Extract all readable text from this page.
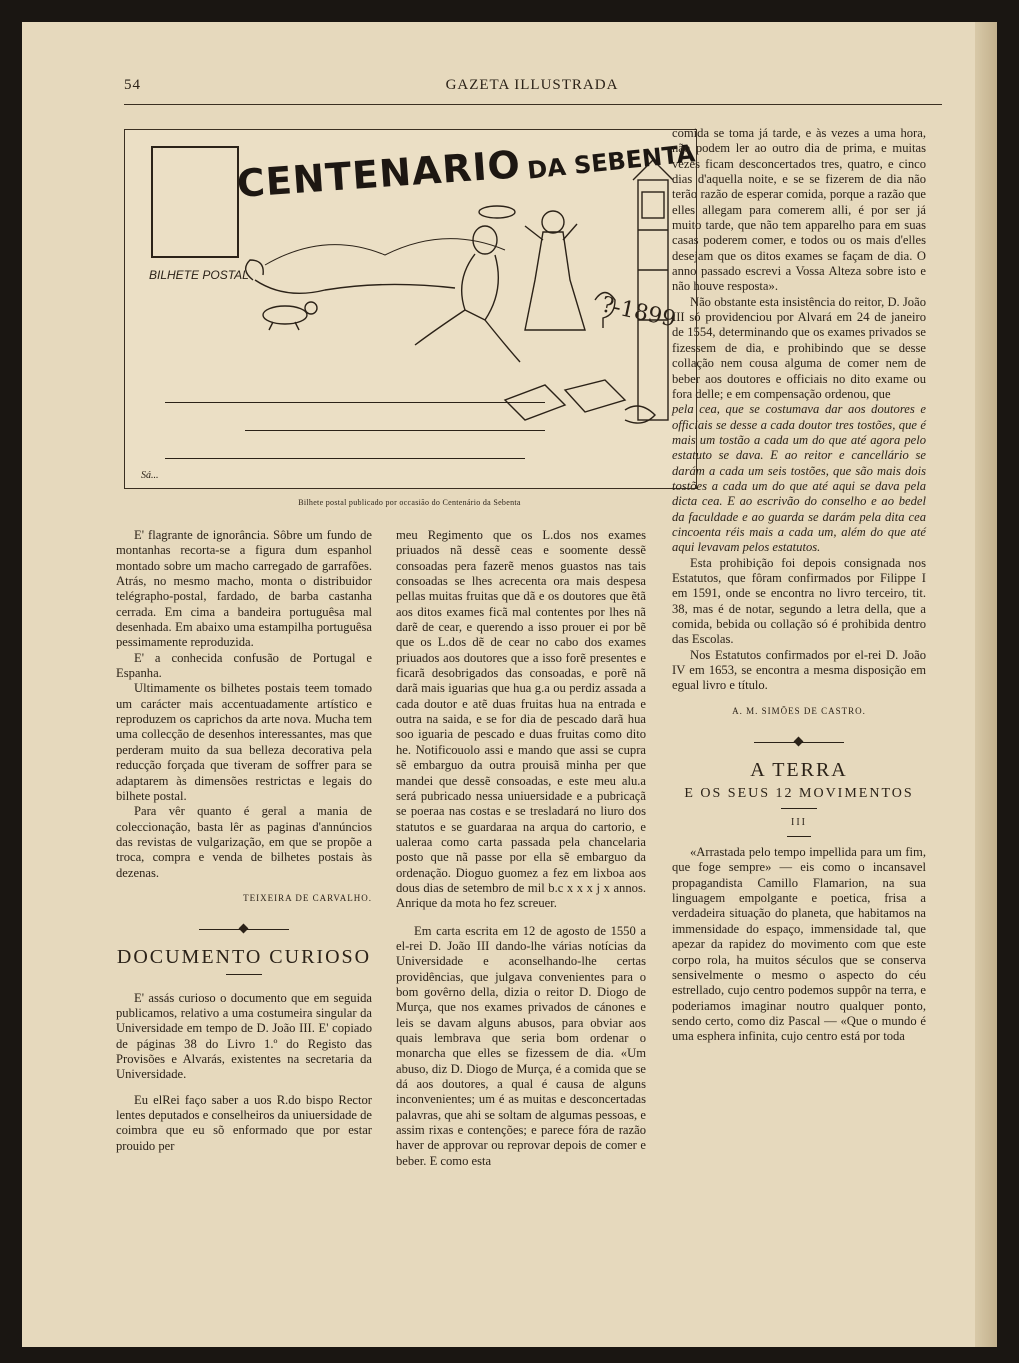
54	GAZETA ILLUSTRADA
CENTENARIO DA SEBENTA
BILHETE POSTAL
?-1899
Sá...
Bilhete postal publicado por occasião do Centenário da Sebenta

E' flagrante de ignorância. Sôbre um fundo de montanhas recorta-se a figura dum espanhol montado sobre um macho carregado de garrafões. Atrás, no mesmo macho, monta o distribuidor telégrapho-postal, fardado, de barba castanha cerrada. Em cima a bandeira portuguêsa mal desenhada. Em abaixo uma estampilha portuguêsa pessimamente reproduzida.

E' a conhecida confusão de Portugal e Espanha.

Ultimamente os bilhetes postais teem tomado um carácter mais accentuadamente artístico e reproduzem os caprichos da arte nova. Mucha tem uma collecção de desenhos interessantes, mas que perderam muito da sua belleza decorativa pela reducção forçada que tiveram de soffrer para se adaptarem às dimensões restrictas e legais do bilhete postal.

Para vêr quanto é geral a mania de coleccionação, basta lêr as paginas d'annúncios das revistas de vulgarização, em que se propõe a troca, compra e venda de bilhetes postais às dezenas.

TEIXEIRA DE CARVALHO.
DOCUMENTO CURIOSO

E' assás curioso o documento que em seguida publicamos, relativo a uma costumeira singular da Universidade em tempo de D. João III. E' copiado de páginas 38 do Livro 1.º do Registo das Provisões e Alvarás, existentes na secretaria da Universidade.

Eu elRei faço saber a uos R.do bispo Rector lentes deputados e conselheiros da uniuersidade de coimbra que eu sõ enformado que por estar prouido per

meu Regimento que os L.dos nos exames priuados nã dessẽ ceas e soomente dessẽ consoadas pera fazerẽ menos guastos nas tais consoadas se lhes acrecenta ora mais despesa pellas muitas fruitas que dã e os doutores que ẽtã aos ditos exames ficã mal contentes por lhes nã darẽ de cear, e querendo a isso prouer ei por bẽ que os L.dos dẽ de cear no cabo dos exames priuados aos doutores que a isso forẽ presentes e ficarã desobrigados das consoadas, e porẽ nã darã mais iguarias que hua g.a ou perdiz assada a cada doutor e atẽ duas fruitas hua na entrada e outra na saida, e se for dia de pescado darã hua soo iguaria de pescado e duas fruitas como dito he. Notificouolo assi e mando que assi se cupra sẽ embarguo da outra prouisã minha per que mandei que dessẽ consoadas, e este meu alu.a será pubricado nessa uniuersidade e a pubricaçã se poeraa nas costas e se tresladará no liuro dos statutos e se guardaraa na arqua do cartorio, e ualeraa como carta passada pela chancelaria posto que nã passe por ella sẽ embarguo da ordenação. Dioguo guomez a fez em lixboa aos dous dias de setembro de mil b.c x x x j x annos. Anrique da mota ho fez screuer.

Em carta escrita em 12 de agosto de 1550 a el-rei D. João III dando-lhe várias notícias da Universidade e aconselhando-lhe certas providências, que julgava convenientes para o bom govêrno della, dizia o reitor D. Diogo de Murça, que nos exames privados de cánones e leis se davam alguns abusos, para obviar aos quais lembrava que seria bom ordenar o monarcha que elles se fizessem de dia. «Um abuso, diz D. Diogo de Murça, é a comida que se dá aos doutores, a qual é causa de alguns inconvenientes; um é as muitas e desconcertadas palavras, que ahi se soltam de algumas pessoas, e assim rixas e contenções; e parece fóra de razão haver de approvar ou reprovar depois de comer e beber. E como esta

comida se toma já tarde, e às vezes a uma hora, não podem ler ao outro dia de prima, e muitas vezes ficam desconcertados tres, quatro, e cinco dias d'aquella noite, e se se fizerem de dia não terão razão de esperar comida, porque a razão que elles allegam para comerem alli, é por ser já muito tarde, que não tem apparelho para em suas casas poderem comer, e todos ou os mais d'elles desejam que os ditos exames se façam de dia. O anno passado escrevi a Vossa Alteza sobre isto e não houve resposta».

Não obstante esta insistência do reitor, D. João III só providenciou por Alvará em 24 de janeiro de 1554, determinando que os exames privados se fizessem de dia, e prohibindo que se desse collação nem cousa alguma de comer nem de beber aos doutores e officiais no dito exame ou fora delle; e em compensação ordenou, que

pela cea, que se costumava dar aos doutores e officiais se desse a cada doutor tres tostões, que é mais um tostão a cada um do que até agora pelo estatuto se dava. E ao reitor e cancellário se darám a cada um seis tostões, que são mais dois tostões a cada um do que até aqui se dava pela dicta cea. E ao escrivão do conselho e ao bedel da faculdade e ao guarda se darám pela dita cea cincoenta réis mais a cada um, além do que até aqui levavam pelos estatutos.

Esta prohibição foi depois consignada nos Estatutos, que fôram confirmados por Filippe I em 1591, onde se encontra no livro terceiro, tit. 38, mas é de notar, segundo a letra della, que a comida, bebida ou collação só é prohibida dentro das Escolas.

Nos Estatutos confirmados por el-rei D. João IV em 1653, se encontra a mesma disposição em egual livro e título.

A. M. SIMÕES DE CASTRO.
A TERRA
E OS SEUS 12 MOVIMENTOS
III

«Arrastada pelo tempo impellida para um fim, que foge sempre» — eis como o incansavel propagandista Camillo Flamarion, na sua linguagem empolgante e poetica, frisa a verdadeira situação do planeta, que habitamos na immensidade do espaço, immensidade tal, que apezar da rapidez do movimento com que este corpo rola, ha muitos séculos que se conserva sensivelmente o mesmo o aspecto do céu estrellado, cujo centro podemos suppôr na terra, e poderiamos imaginar noutro qualquer ponto, sendo certo, como diz Pascal — «Que o mundo é uma esphera infinita, cujo centro está por toda
